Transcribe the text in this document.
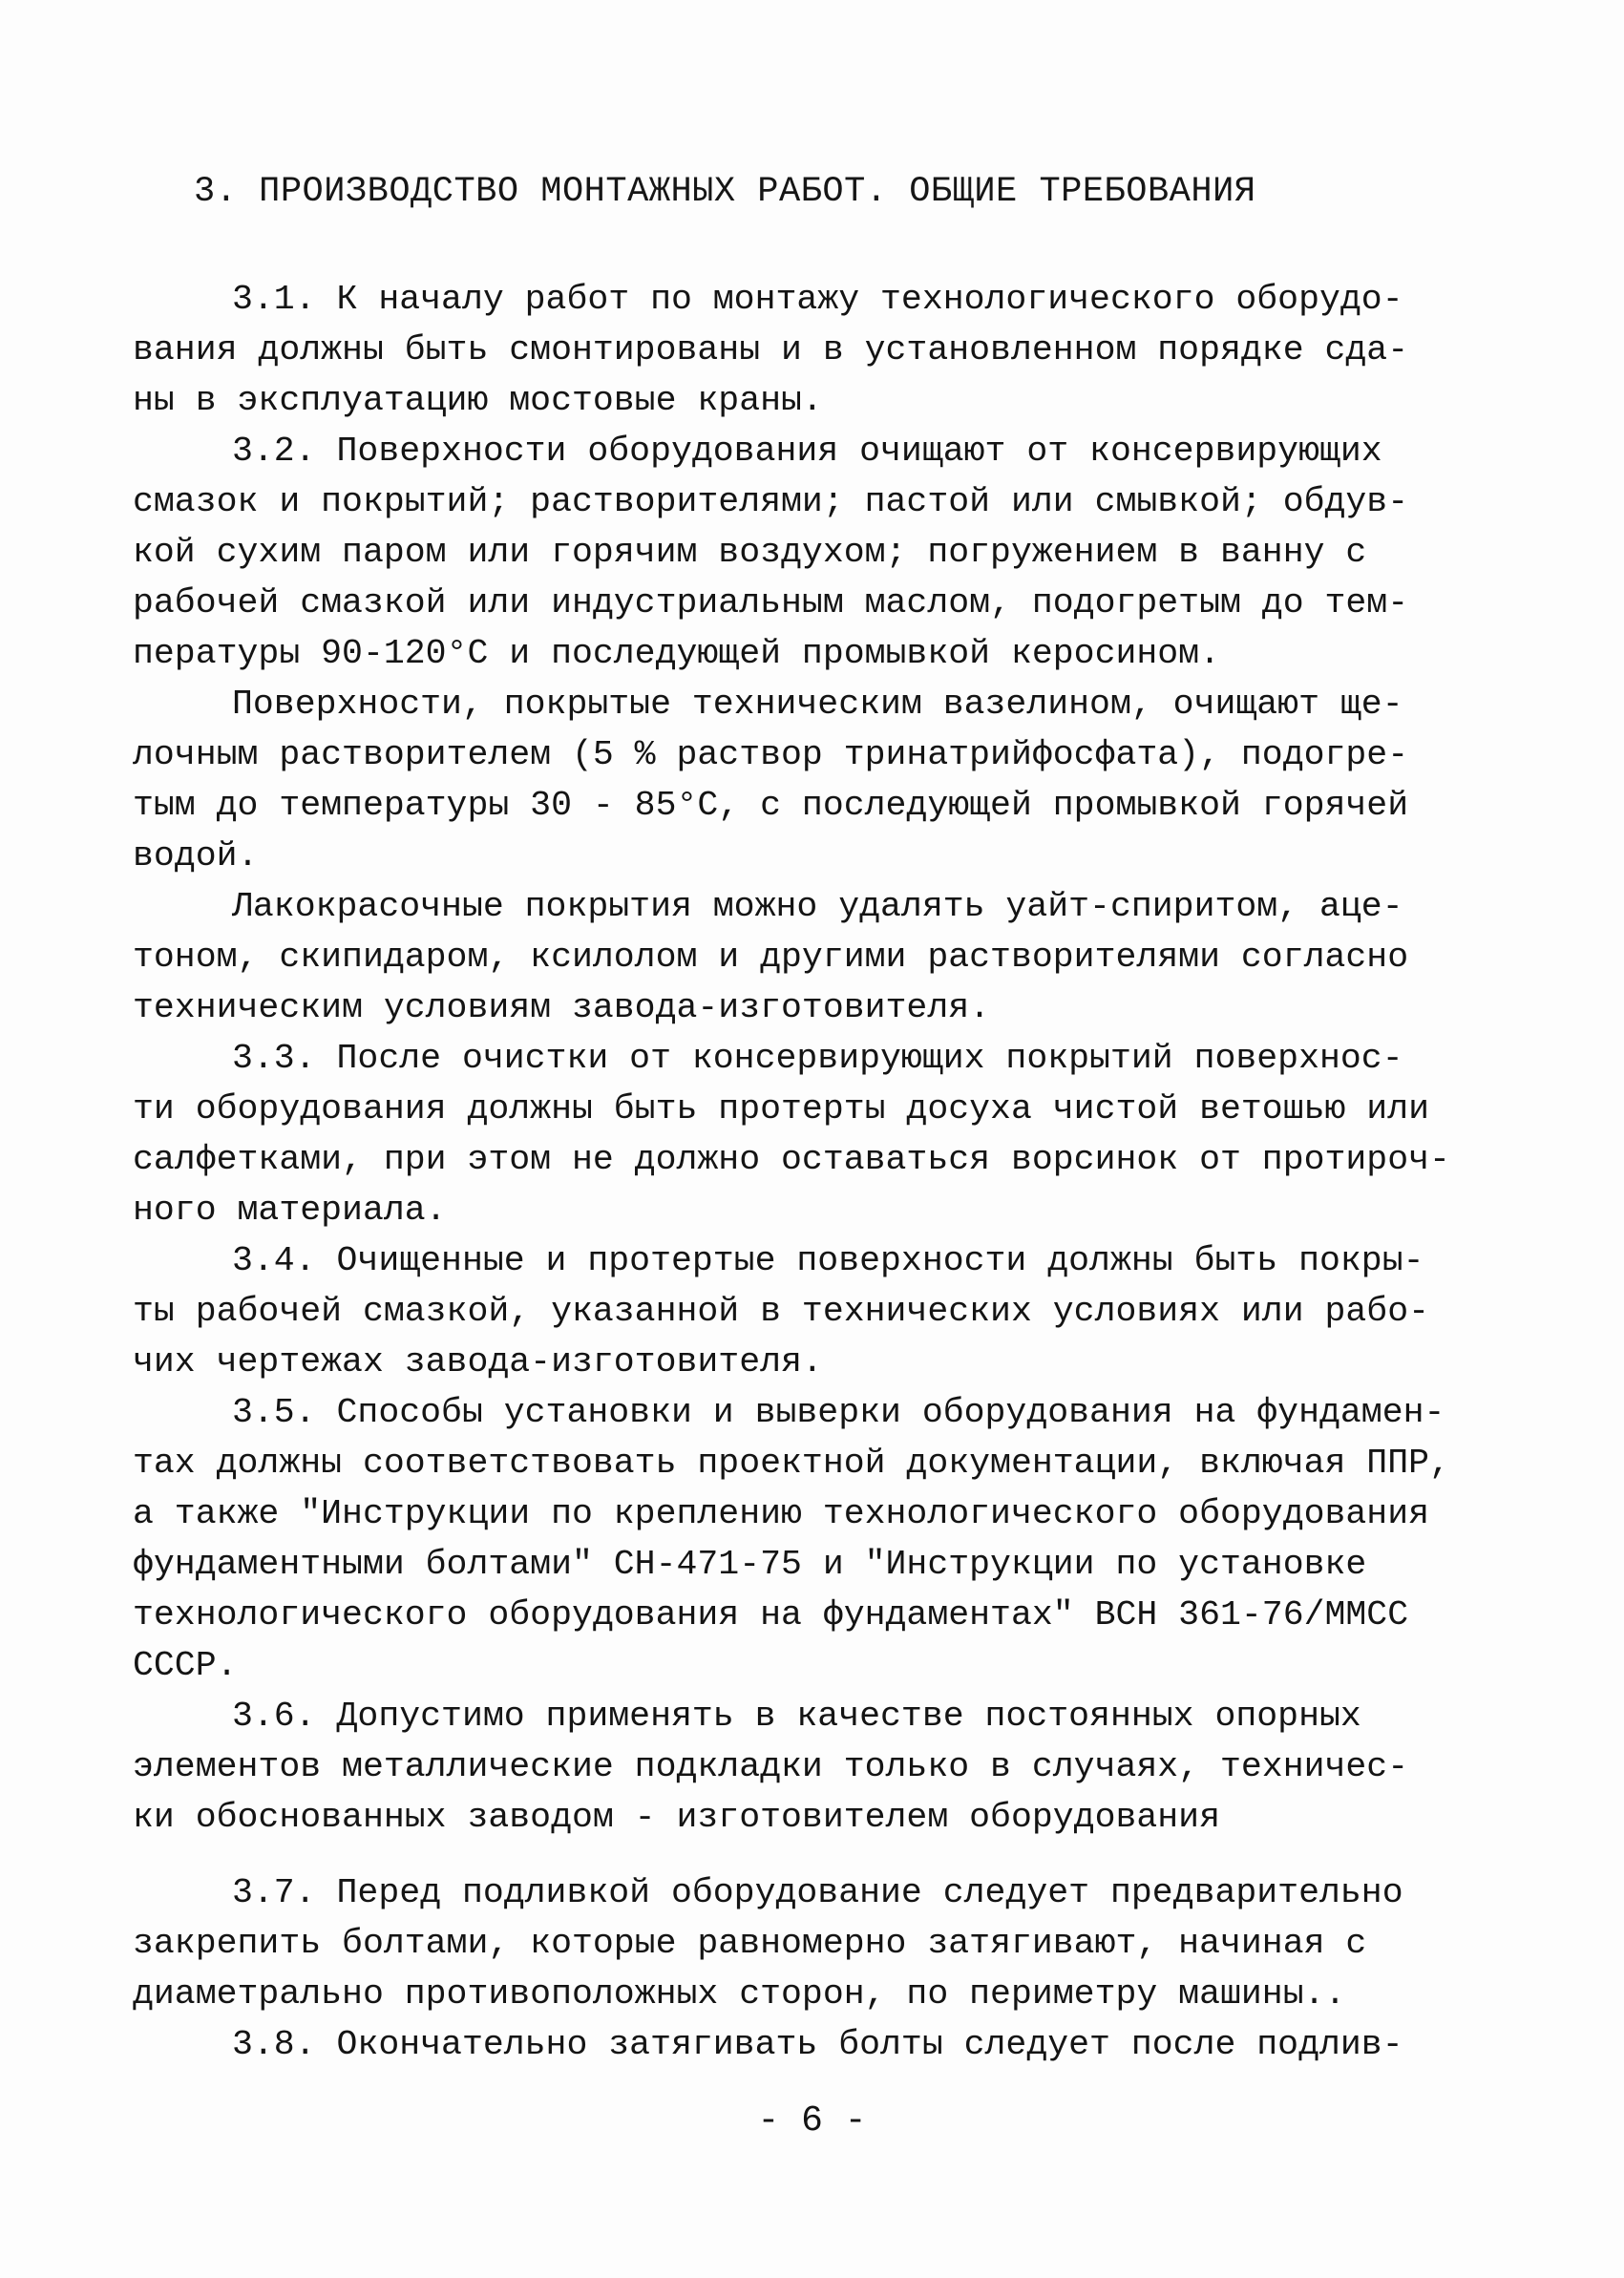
3. ПРОИЗВОДСТВО МОНТАЖНЫХ РАБОТ. ОБЩИЕ ТРЕБОВАНИЯ
3.1. К началу работ по монтажу технологического оборудо-
вания должны быть смонтированы и в установленном порядке сда-
ны в эксплуатацию мостовые краны.
3.2. Поверхности оборудования очищают от консервирующих
смазок и покрытий; растворителями; пастой или смывкой; обдув-
кой сухим паром или горячим воздухом; погружением в ванну с
рабочей смазкой или индустриальным маслом, подогретым до тем-
пературы 90-120°С и последующей промывкой керосином.
Поверхности, покрытые техническим вазелином, очищают ще-
лочным растворителем (5 % раствор тринатрийфосфата), подогре-
тым до температуры 30 - 85°С, с последующей промывкой горячей
водой.
Лакокрасочные покрытия можно удалять уайт-спиритом, аце-
тоном, скипидаром, ксилолом и другими растворителями согласно
техническим условиям завода-изготовителя.
3.3. После очистки от консервирующих покрытий поверхнос-
ти оборудования должны быть протерты досуха чистой ветошью или
салфетками, при этом не должно оставаться ворсинок от протироч-
ного материала.
3.4. Очищенные и протертые поверхности должны быть покры-
ты рабочей смазкой, указанной в технических условиях или рабо-
чих чертежах завода-изготовителя.
3.5. Способы установки и выверки оборудования на фундамен-
тах должны соответствовать проектной документации, включая ППР,
а также "Инструкции по креплению технологического оборудования
фундаментными болтами" СН-471-75 и "Инструкции по установке
технологического оборудования на фундаментах" ВСН 361-76/ММСС
СССР.
3.6. Допустимо применять в качестве постоянных опорных
элементов металлические подкладки только в случаях, техничес-
ки обоснованных заводом - изготовителем оборудования
3.7. Перед подливкой оборудование следует предварительно
закрепить болтами, которые равномерно затягивают, начиная с
диаметрально противоположных сторон, по периметру машины..
3.8. Окончательно затягивать болты следует после подлив-
- 6 -
